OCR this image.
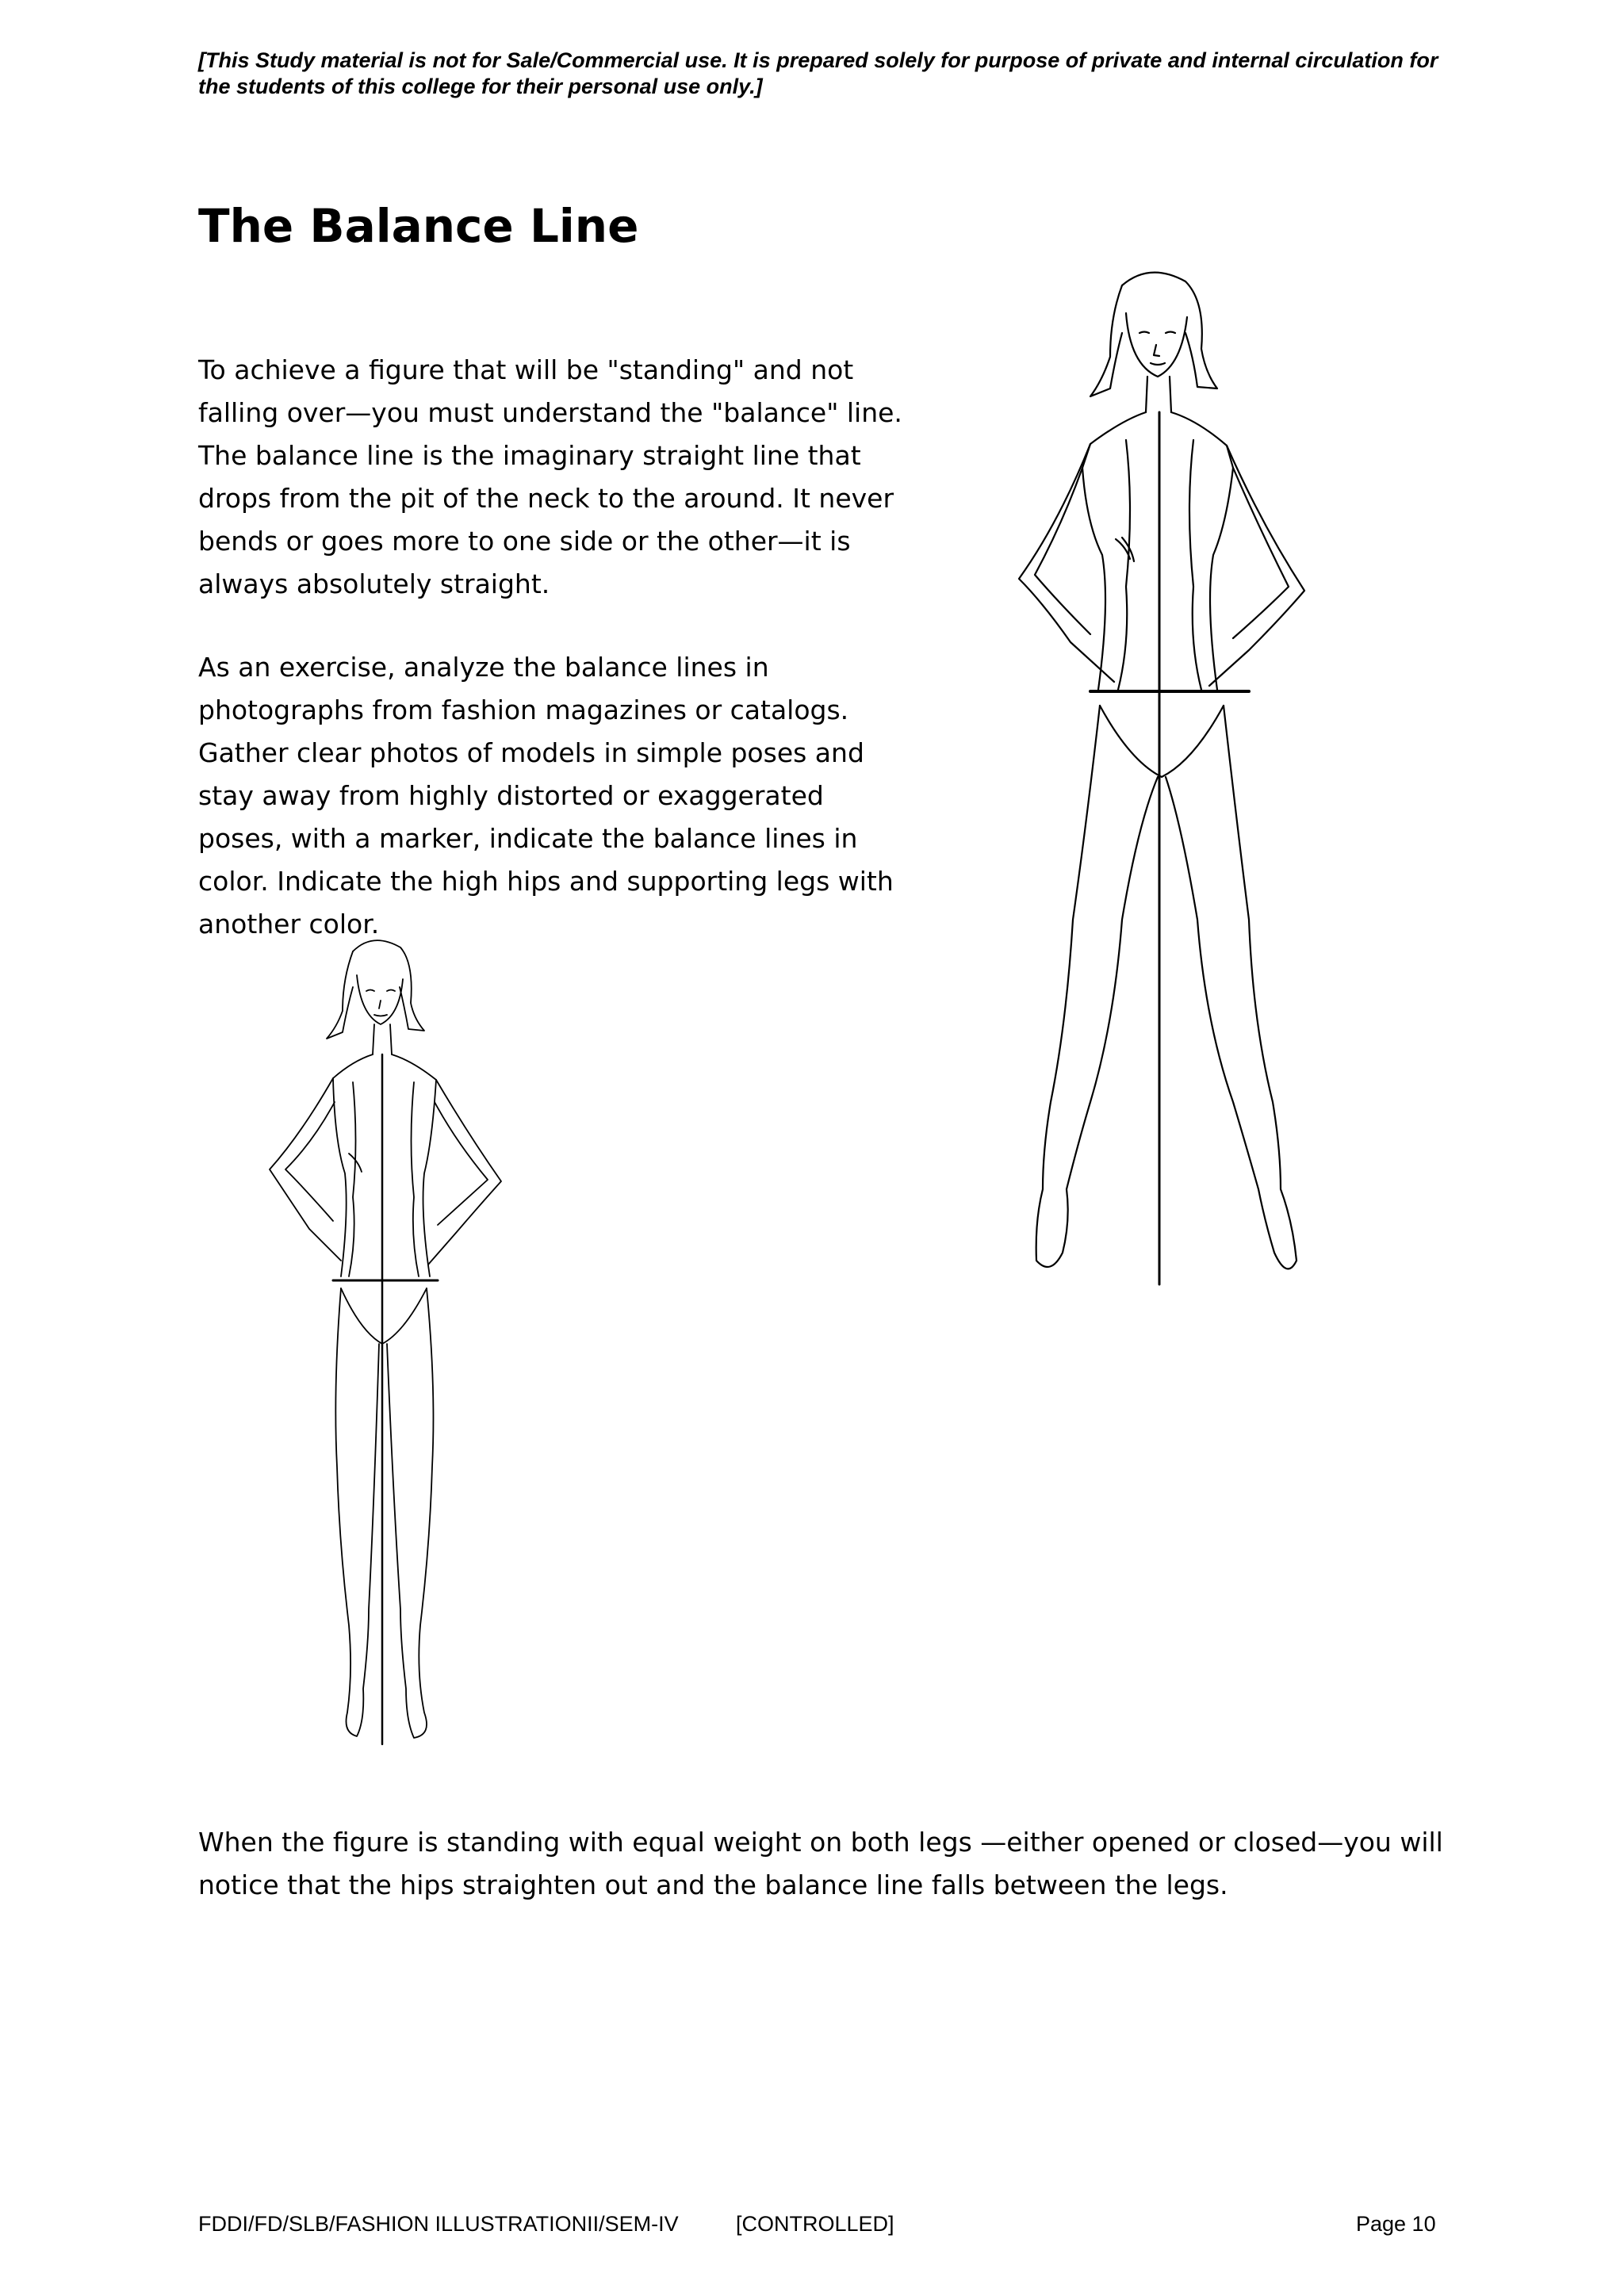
[This Study material is not for Sale/Commercial use. It is prepared solely for purpose of private and internal circulation for the students of this college for their personal use only.]

The Balance Line

To achieve a figure that will be "standing" and not falling over—you must understand the "balance" line. The balance line is the imaginary straight line that drops from the pit of the neck to the around. It never bends or goes more to one side or the other—it is always absolutely straight.

As an exercise, analyze the balance lines in photographs from fashion magazines or catalogs. Gather clear photos of models in simple poses and stay away from highly distorted or exaggerated poses, with a marker, indicate the balance lines in color. Indicate the high hips and supporting legs with another color.

When the figure is standing with equal weight on both legs —either opened or closed—you will notice that the hips straighten out and the balance line falls between the legs.

FDDI/FD/SLB/FASHION ILLUSTRATIONII/SEM-IV	[CONTROLLED]	Page 10
